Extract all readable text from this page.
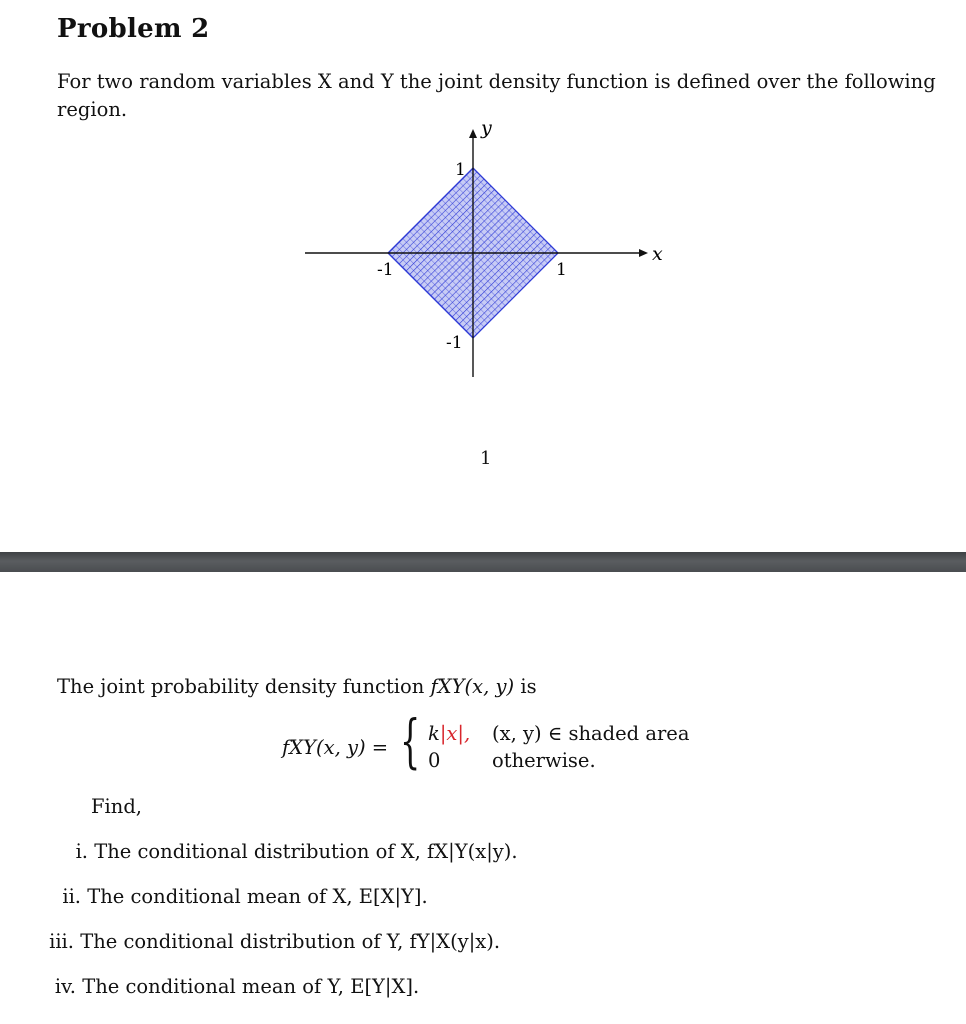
Problem 2
For two random variables X and Y the joint density function is defined over the following region.
x
y
1
-1
-1	1
1
The joint probability density function fXY(x, y) is
fXY(x, y) = { k|x|,
0
(x, y) ∈ shaded area
otherwise.
Find,
i. The conditional distribution of X, fX|Y(x|y).
ii. The conditional mean of X, E[X|Y].
iii. The conditional distribution of Y, fY|X(y|x).
iv. The conditional mean of Y, E[Y|X].
